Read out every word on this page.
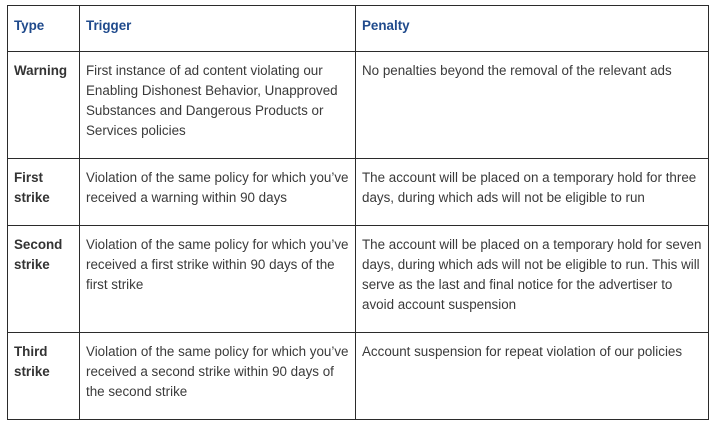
Type	Trigger	Penalty
Warning	First instance of ad content violating our Enabling Dishonest Behavior, Unapproved Substances and Dangerous Products or Services policies	No penalties beyond the removal of the relevant ads
First strike	Violation of the same policy for which you’ve received a warning within 90 days	The account will be placed on a temporary hold for three days, during which ads will not be eligible to run
Second strike	Violation of the same policy for which you’ve received a first strike within 90 days of the first strike	The account will be placed on a temporary hold for seven days, during which ads will not be eligible to run. This will serve as the last and final notice for the advertiser to avoid account suspension
Third strike	Violation of the same policy for which you’ve received a second strike within 90 days of the second strike	Account suspension for repeat violation of our policies
